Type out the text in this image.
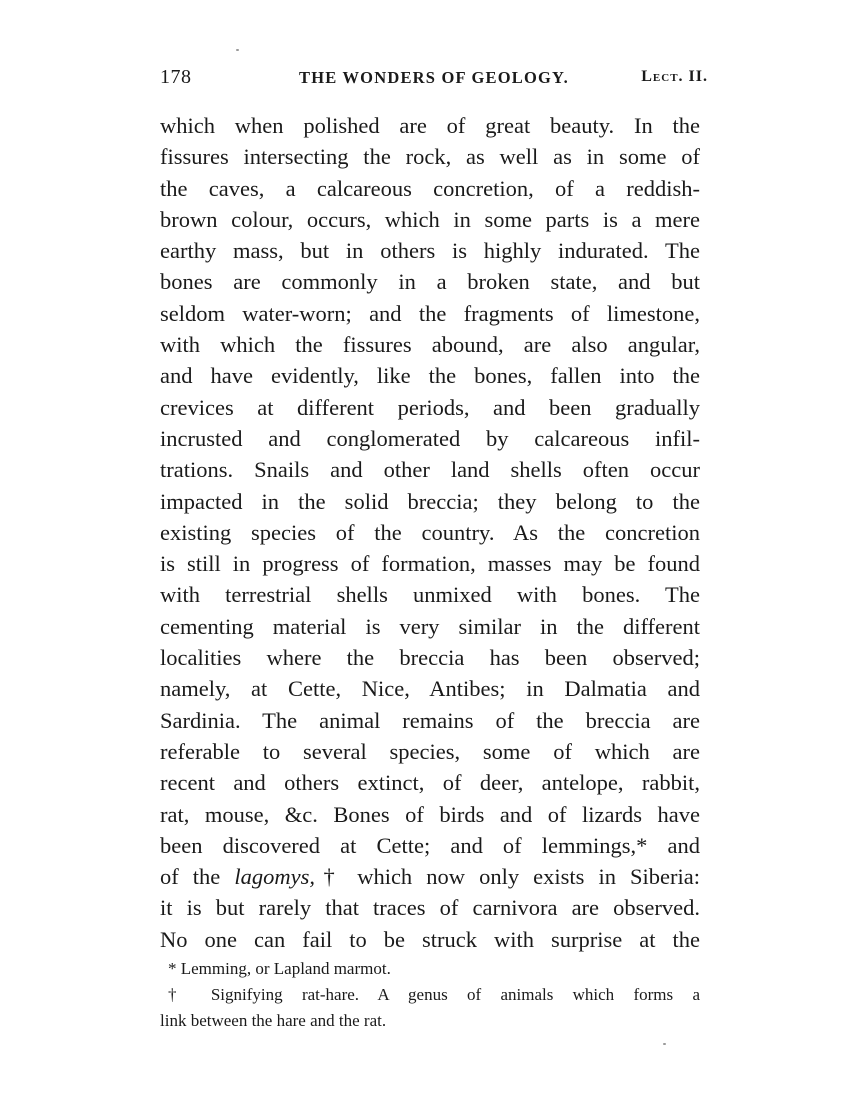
178	THE WONDERS OF GEOLOGY.	Lect. II.
which when polished are of great beauty. In the
fissures intersecting the rock, as well as in some of
the caves, a calcareous concretion, of a reddish-
brown colour, occurs, which in some parts is a mere
earthy mass, but in others is highly indurated. The
bones are commonly in a broken state, and but
seldom water-worn; and the fragments of limestone,
with which the fissures abound, are also angular,
and have evidently, like the bones, fallen into the
crevices at different periods, and been gradually
incrusted and conglomerated by calcareous infil-
trations. Snails and other land shells often occur
impacted in the solid breccia; they belong to the
existing species of the country. As the concretion
is still in progress of formation, masses may be found
with terrestrial shells unmixed with bones. The
cementing material is very similar in the different
localities where the breccia has been observed;
namely, at Cette, Nice, Antibes; in Dalmatia and
Sardinia. The animal remains of the breccia are
referable to several species, some of which are
recent and others extinct, of deer, antelope, rabbit,
rat, mouse, &c. Bones of birds and of lizards have
been discovered at Cette; and of lemmings,* and
of the lagomys,† which now only exists in Siberia:
it is but rarely that traces of carnivora are observed.
No one can fail to be struck with surprise at the
* Lemming, or Lapland marmot.
† Signifying rat-hare. A genus of animals which forms a
link between the hare and the rat.
